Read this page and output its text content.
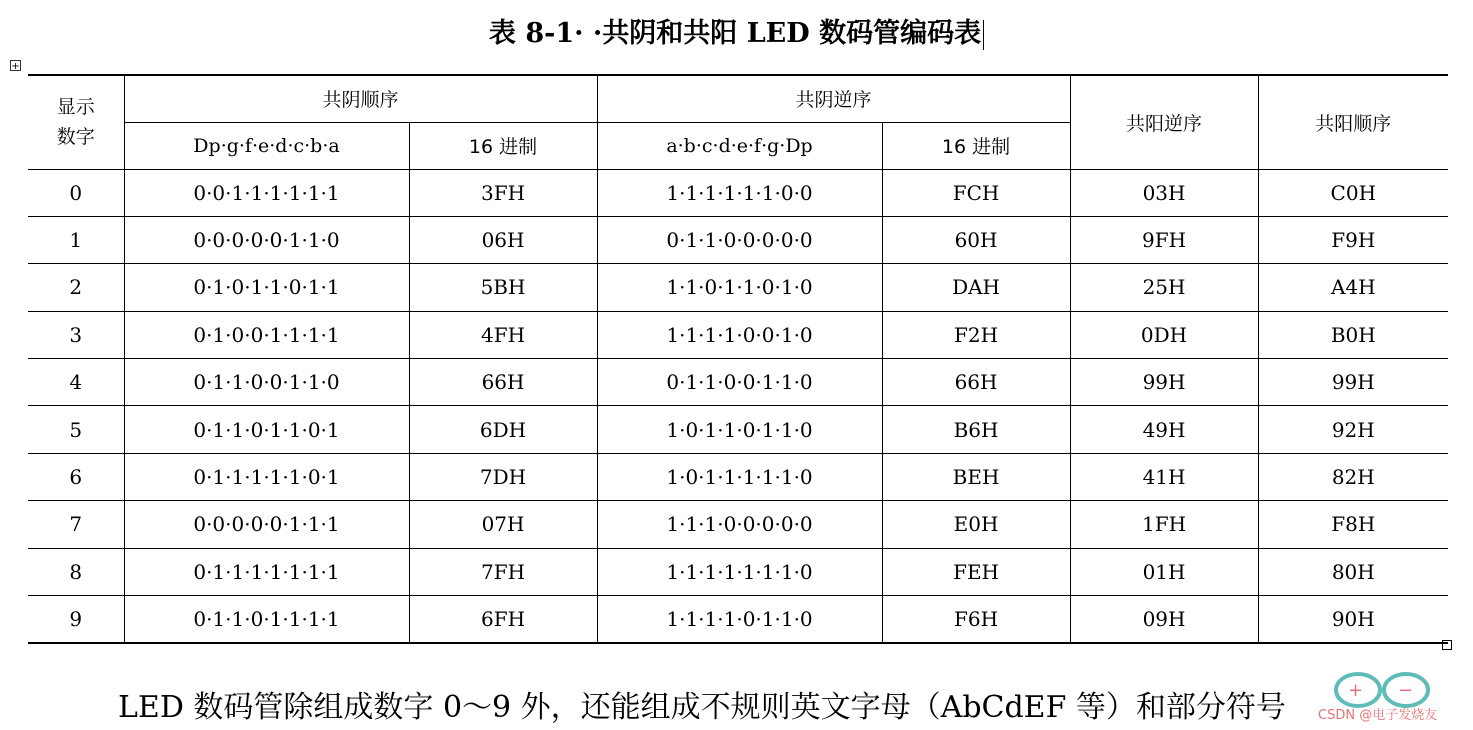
表 8-1· ·共阴和共阳 LED 数码管编码表
+
显示数字	共阴顺序		共阴逆序		共阳逆序	共阳顺序
	Dp·g·f·e·d·c·b·a	16 进制	a·b·c·d·e·f·g·Dp	16 进制		
0	0·0·1·1·1·1·1·1	3FH	1·1·1·1·1·1·0·0	FCH	03H	C0H
1	0·0·0·0·0·1·1·0	06H	0·1·1·0·0·0·0·0	60H	9FH	F9H
2	0·1·0·1·1·0·1·1	5BH	1·1·0·1·1·0·1·0	DAH	25H	A4H
3	0·1·0·0·1·1·1·1	4FH	1·1·1·1·0·0·1·0	F2H	0DH	B0H
4	0·1·1·0·0·1·1·0	66H	0·1·1·0·0·1·1·0	66H	99H	99H
5	0·1·1·0·1·1·0·1	6DH	1·0·1·1·0·1·1·0	B6H	49H	92H
6	0·1·1·1·1·1·0·1	7DH	1·0·1·1·1·1·1·0	BEH	41H	82H
7	0·0·0·0·0·1·1·1	07H	1·1·1·0·0·0·0·0	E0H	1FH	F8H
8	0·1·1·1·1·1·1·1	7FH	1·1·1·1·1·1·1·0	FEH	01H	80H
9	0·1·1·0·1·1·1·1	6FH	1·1·1·1·0·1·1·0	F6H	09H	90H
LED 数码管除组成数字 0～9 外，还能组成不规则英文字母（AbCdEF 等）和部分符号	+ −
CSDN @电子发烧友
